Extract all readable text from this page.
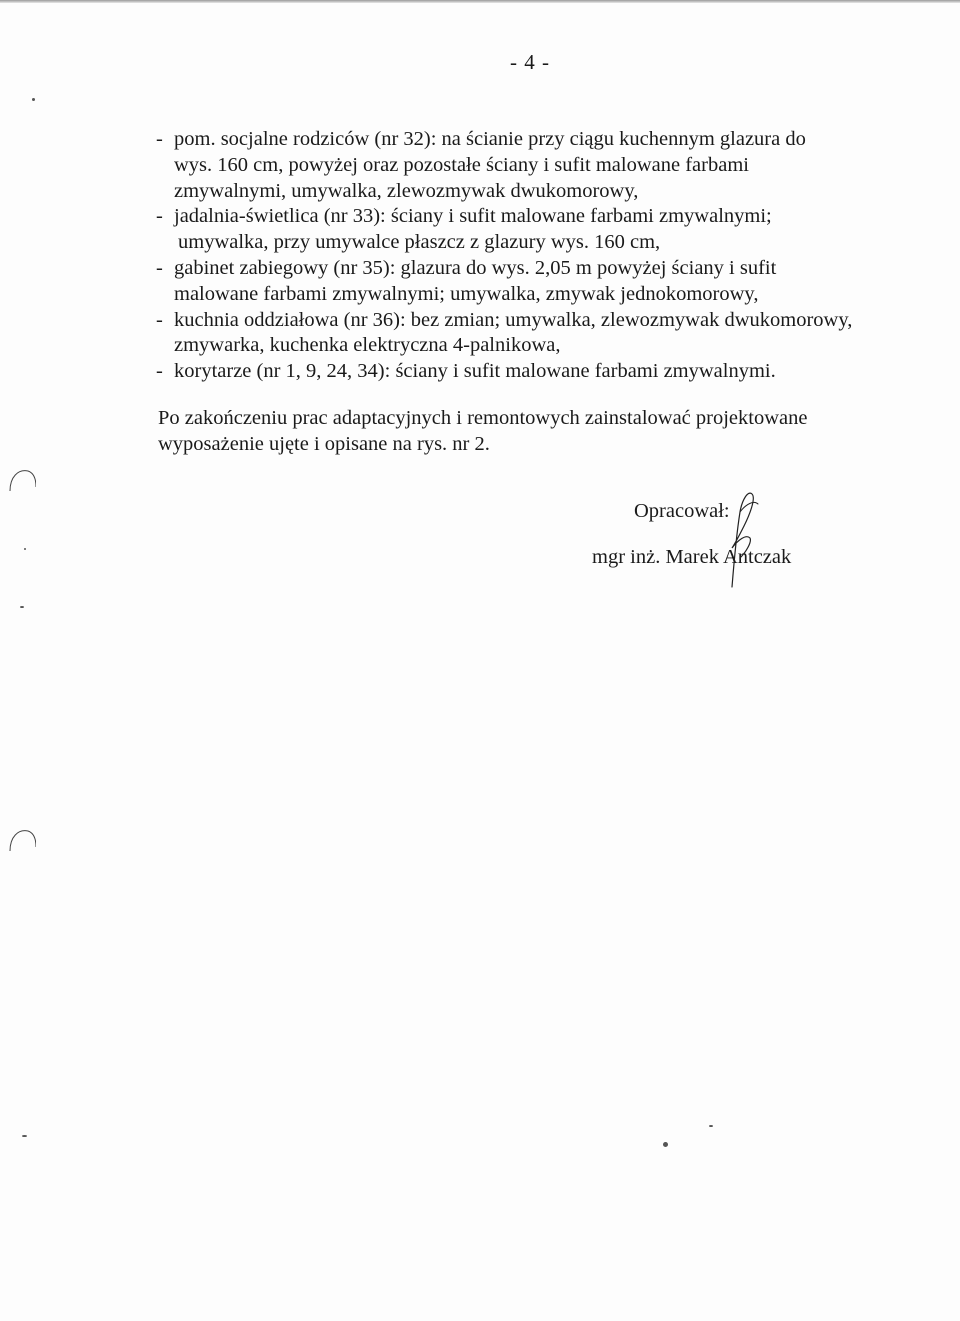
- 4 -
- pom. socjalne rodziców (nr 32): na ścianie przy ciągu kuchennym glazura do
wys. 160 cm, powyżej oraz pozostałe ściany i sufit malowane farbami
zmywalnymi, umywalka, zlewozmywak dwukomorowy,
- jadalnia-świetlica (nr 33): ściany i sufit malowane farbami zmywalnymi;
umywalka, przy umywalce płaszcz z glazury wys. 160 cm,
- gabinet zabiegowy (nr 35): glazura do wys. 2,05 m powyżej ściany i sufit
malowane farbami zmywalnymi; umywalka, zmywak jednokomorowy,
- kuchnia oddziałowa (nr 36): bez zmian; umywalka, zlewozmywak dwukomorowy,
zmywarka, kuchenka elektryczna 4-palnikowa,
- korytarze (nr 1, 9, 24, 34): ściany i sufit malowane farbami zmywalnymi.
Po zakończeniu prac adaptacyjnych i remontowych zainstalować projektowane
wyposażenie ujęte i opisane na rys. nr 2.
Opracował:
mgr inż. Marek Antczak
